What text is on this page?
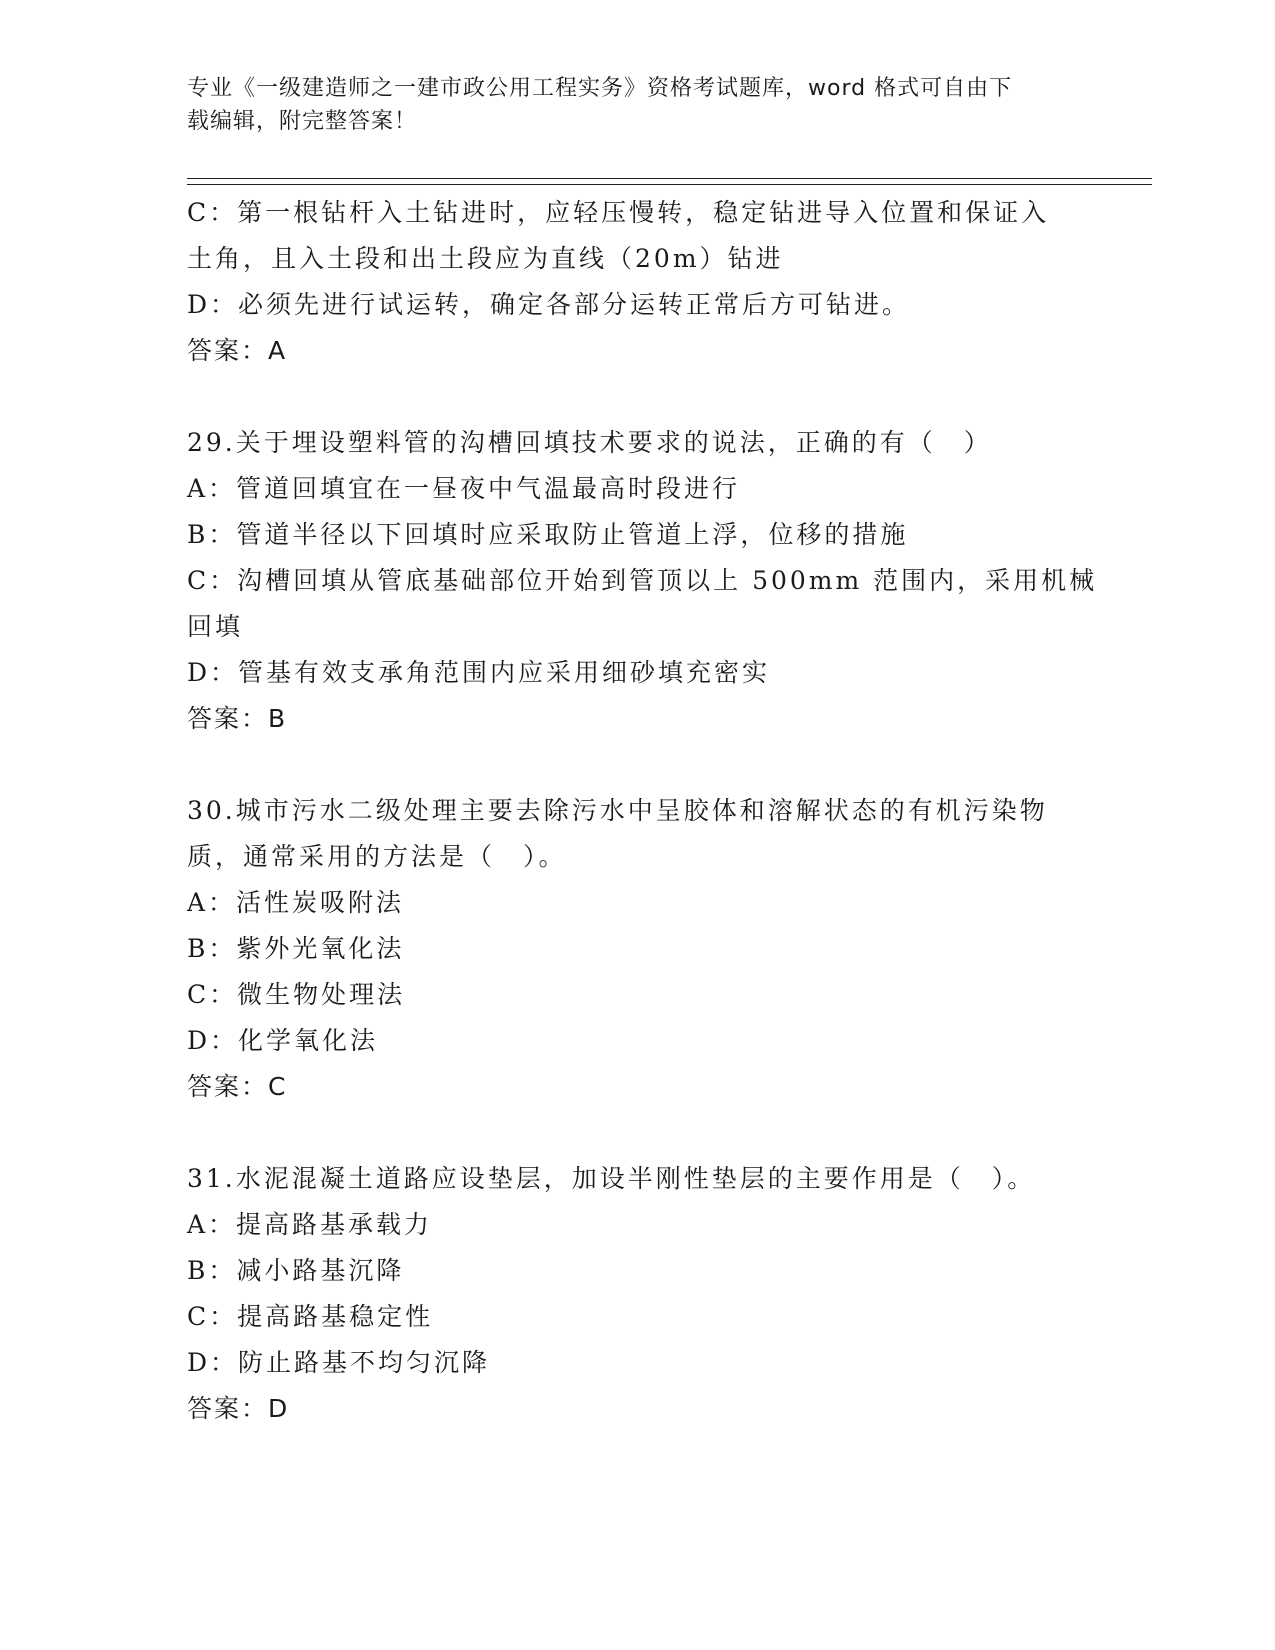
专业《一级建造师之一建市政公用工程实务》资格考试题库，word 格式可自由下
载编辑，附完整答案！

C：第一根钻杆入土钻进时，应轻压慢转，稳定钻进导入位置和保证入

土角，且入土段和出土段应为直线（20m）钻进

D：必须先进行试运转，确定各部分运转正常后方可钻进。

答案：A

29.关于埋设塑料管的沟槽回填技术要求的说法，正确的有（　）

A：管道回填宜在一昼夜中气温最高时段进行

B：管道半径以下回填时应采取防止管道上浮，位移的措施

C：沟槽回填从管底基础部位开始到管顶以上 500mm 范围内，采用机械

回填

D：管基有效支承角范围内应采用细砂填充密实

答案：B

30.城市污水二级处理主要去除污水中呈胶体和溶解状态的有机污染物

质，通常采用的方法是（　）。

A：活性炭吸附法

B：紫外光氧化法

C：微生物处理法

D：化学氧化法

答案：C

31.水泥混凝土道路应设垫层，加设半刚性垫层的主要作用是（　）。

A：提高路基承载力

B：减小路基沉降

C：提高路基稳定性

D：防止路基不均匀沉降

答案：D
